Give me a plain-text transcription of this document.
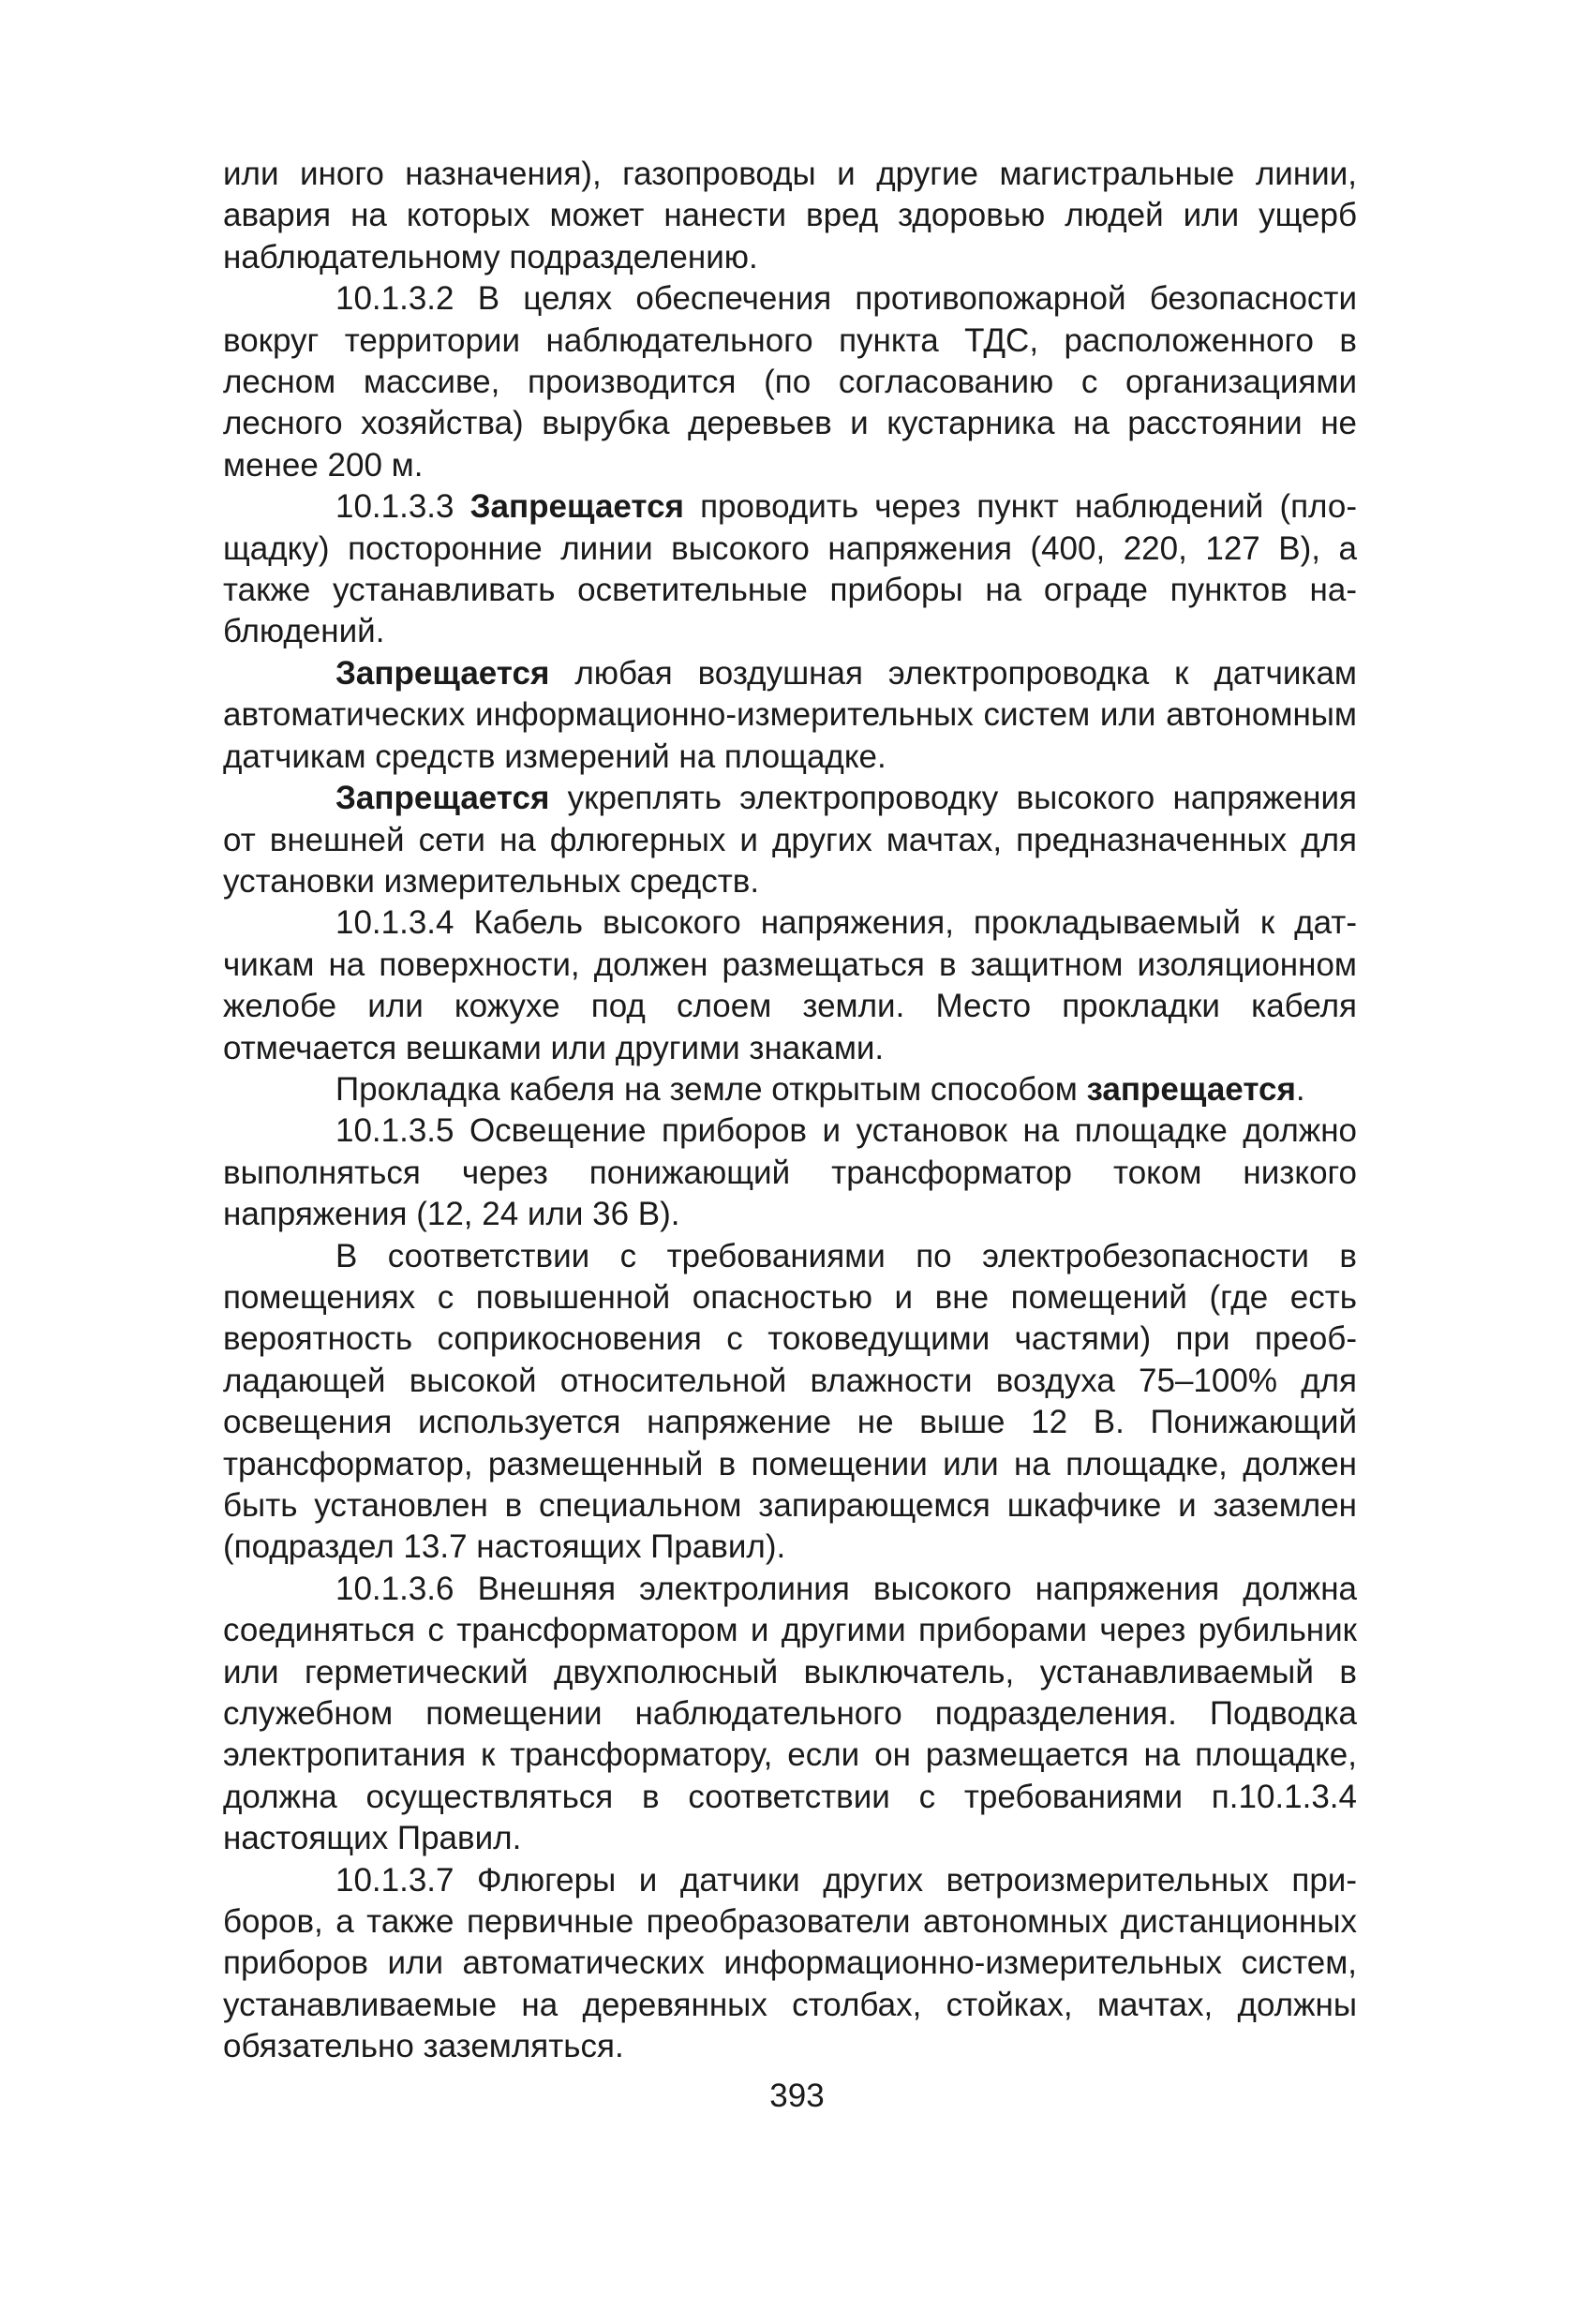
или иного назначения), газопроводы и другие магистральные линии, авария на которых может нанести вред здоровью людей или ущерб наблюдательному подразделению.

10.1.3.2 В целях обеспечения противопожарной безопасности вокруг территории наблюдательного пункта ТДС, расположенного в лесном массиве, производится (по согласованию с организациями лесного хозяйства) вырубка деревьев и кустарника на расстоянии не менее 200 м.

10.1.3.3 Запрещается проводить через пункт наблюдений (площадку) посторонние линии высокого напряжения (400, 220, 127 В), а также устанавливать осветительные приборы на ограде пунктов наблюдений.

Запрещается любая воздушная электропроводка к датчикам автоматических информационно-измерительных систем или автономным датчикам средств измерений на площадке.

Запрещается укреплять электропроводку высокого напряжения от внешней сети на флюгерных и других мачтах, предназначенных для установки измерительных средств.

10.1.3.4 Кабель высокого напряжения, прокладываемый к датчикам на поверхности, должен размещаться в защитном изоляционном желобе или кожухе под слоем земли. Место прокладки кабеля отмечается вешками или другими знаками.

Прокладка кабеля на земле открытым способом запрещается.

10.1.3.5 Освещение приборов и установок на площадке должно выполняться через понижающий трансформатор током низкого напряжения (12, 24 или 36 В).

В соответствии с требованиями по электробезопасности в помещениях с повышенной опасностью и вне помещений (где есть вероятность соприкосновения с токоведущими частями) при преобладающей высокой относительной влажности воздуха 75–100% для освещения используется напряжение не выше 12 В. Понижающий трансформатор, размещенный в помещении или на площадке, должен быть установлен в специальном запирающемся шкафчике и заземлен (подраздел 13.7 настоящих Правил).

10.1.3.6 Внешняя электролиния высокого напряжения должна соединяться с трансформатором и другими приборами через рубильник или герметический двухполюсный выключатель, устанавливаемый в служебном помещении наблюдательного подразделения. Подводка электропитания к трансформатору, если он размещается на площадке, должна осуществляться в соответствии с требованиями п.10.1.3.4 настоящих Правил.

10.1.3.7 Флюгеры и датчики других ветроизмерительных приборов, а также первичные преобразователи автономных дистанционных приборов или автоматических информационно-измерительных систем, устанавливаемые на деревянных столбах, стойках, мачтах, должны обязательно заземляться.

393
